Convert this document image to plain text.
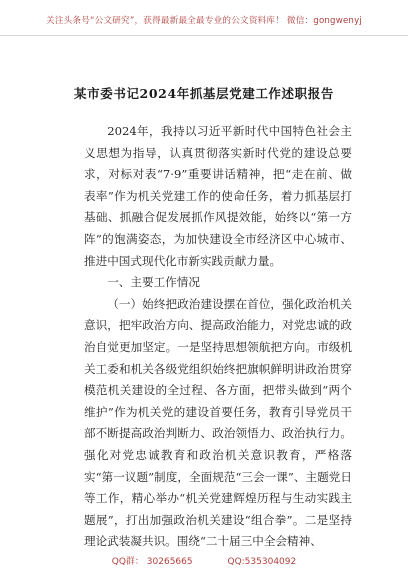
关注头条号“公文研究”，获得最新最全最专业的公文资料库！ 微信：gongwenyj
某市委书记2024年抓基层党建工作述职报告

2024年，我持以习近平新时代中国特色社会主义思想为指导，认真贯彻落实新时代党的建设总要求，对标对表“7·9”重要讲话精神，把“走在前、做表率”作为机关党建工作的使命任务，着力抓基层打基础、抓融合促发展抓作风提效能，始终以“第一方阵”的饱满姿态，为加快建设全市经济区中心城市、推进中国式现代化市新实践贡献力量。

一、主要工作情况

（一）始终把政治建设摆在首位，强化政治机关意识，把牢政治方向、提高政治能力，对党忠诚的政治自觉更加坚定。一是坚持思想领航把方向。市级机关工委和机关各级党组织始终把旗帜鲜明讲政治贯穿模范机关建设的全过程、各方面，把带头做到“两个维护”作为机关党的建设首要任务，教育引导党员干部不断提高政治判断力、政治领悟力、政治执行力。强化对党忠诚教育和政治机关意识教育，严格落实“第一议题”制度，全面规范“三会一课”、主题党日等工作，精心举办“机关党建辉煌历程与生动实践主题展”，打出加强政治机关建设“组合拳”。二是坚持理论武装凝共识。围绕“二十届三中全会精神、

QQ群： 30265665	QQ:535304092
